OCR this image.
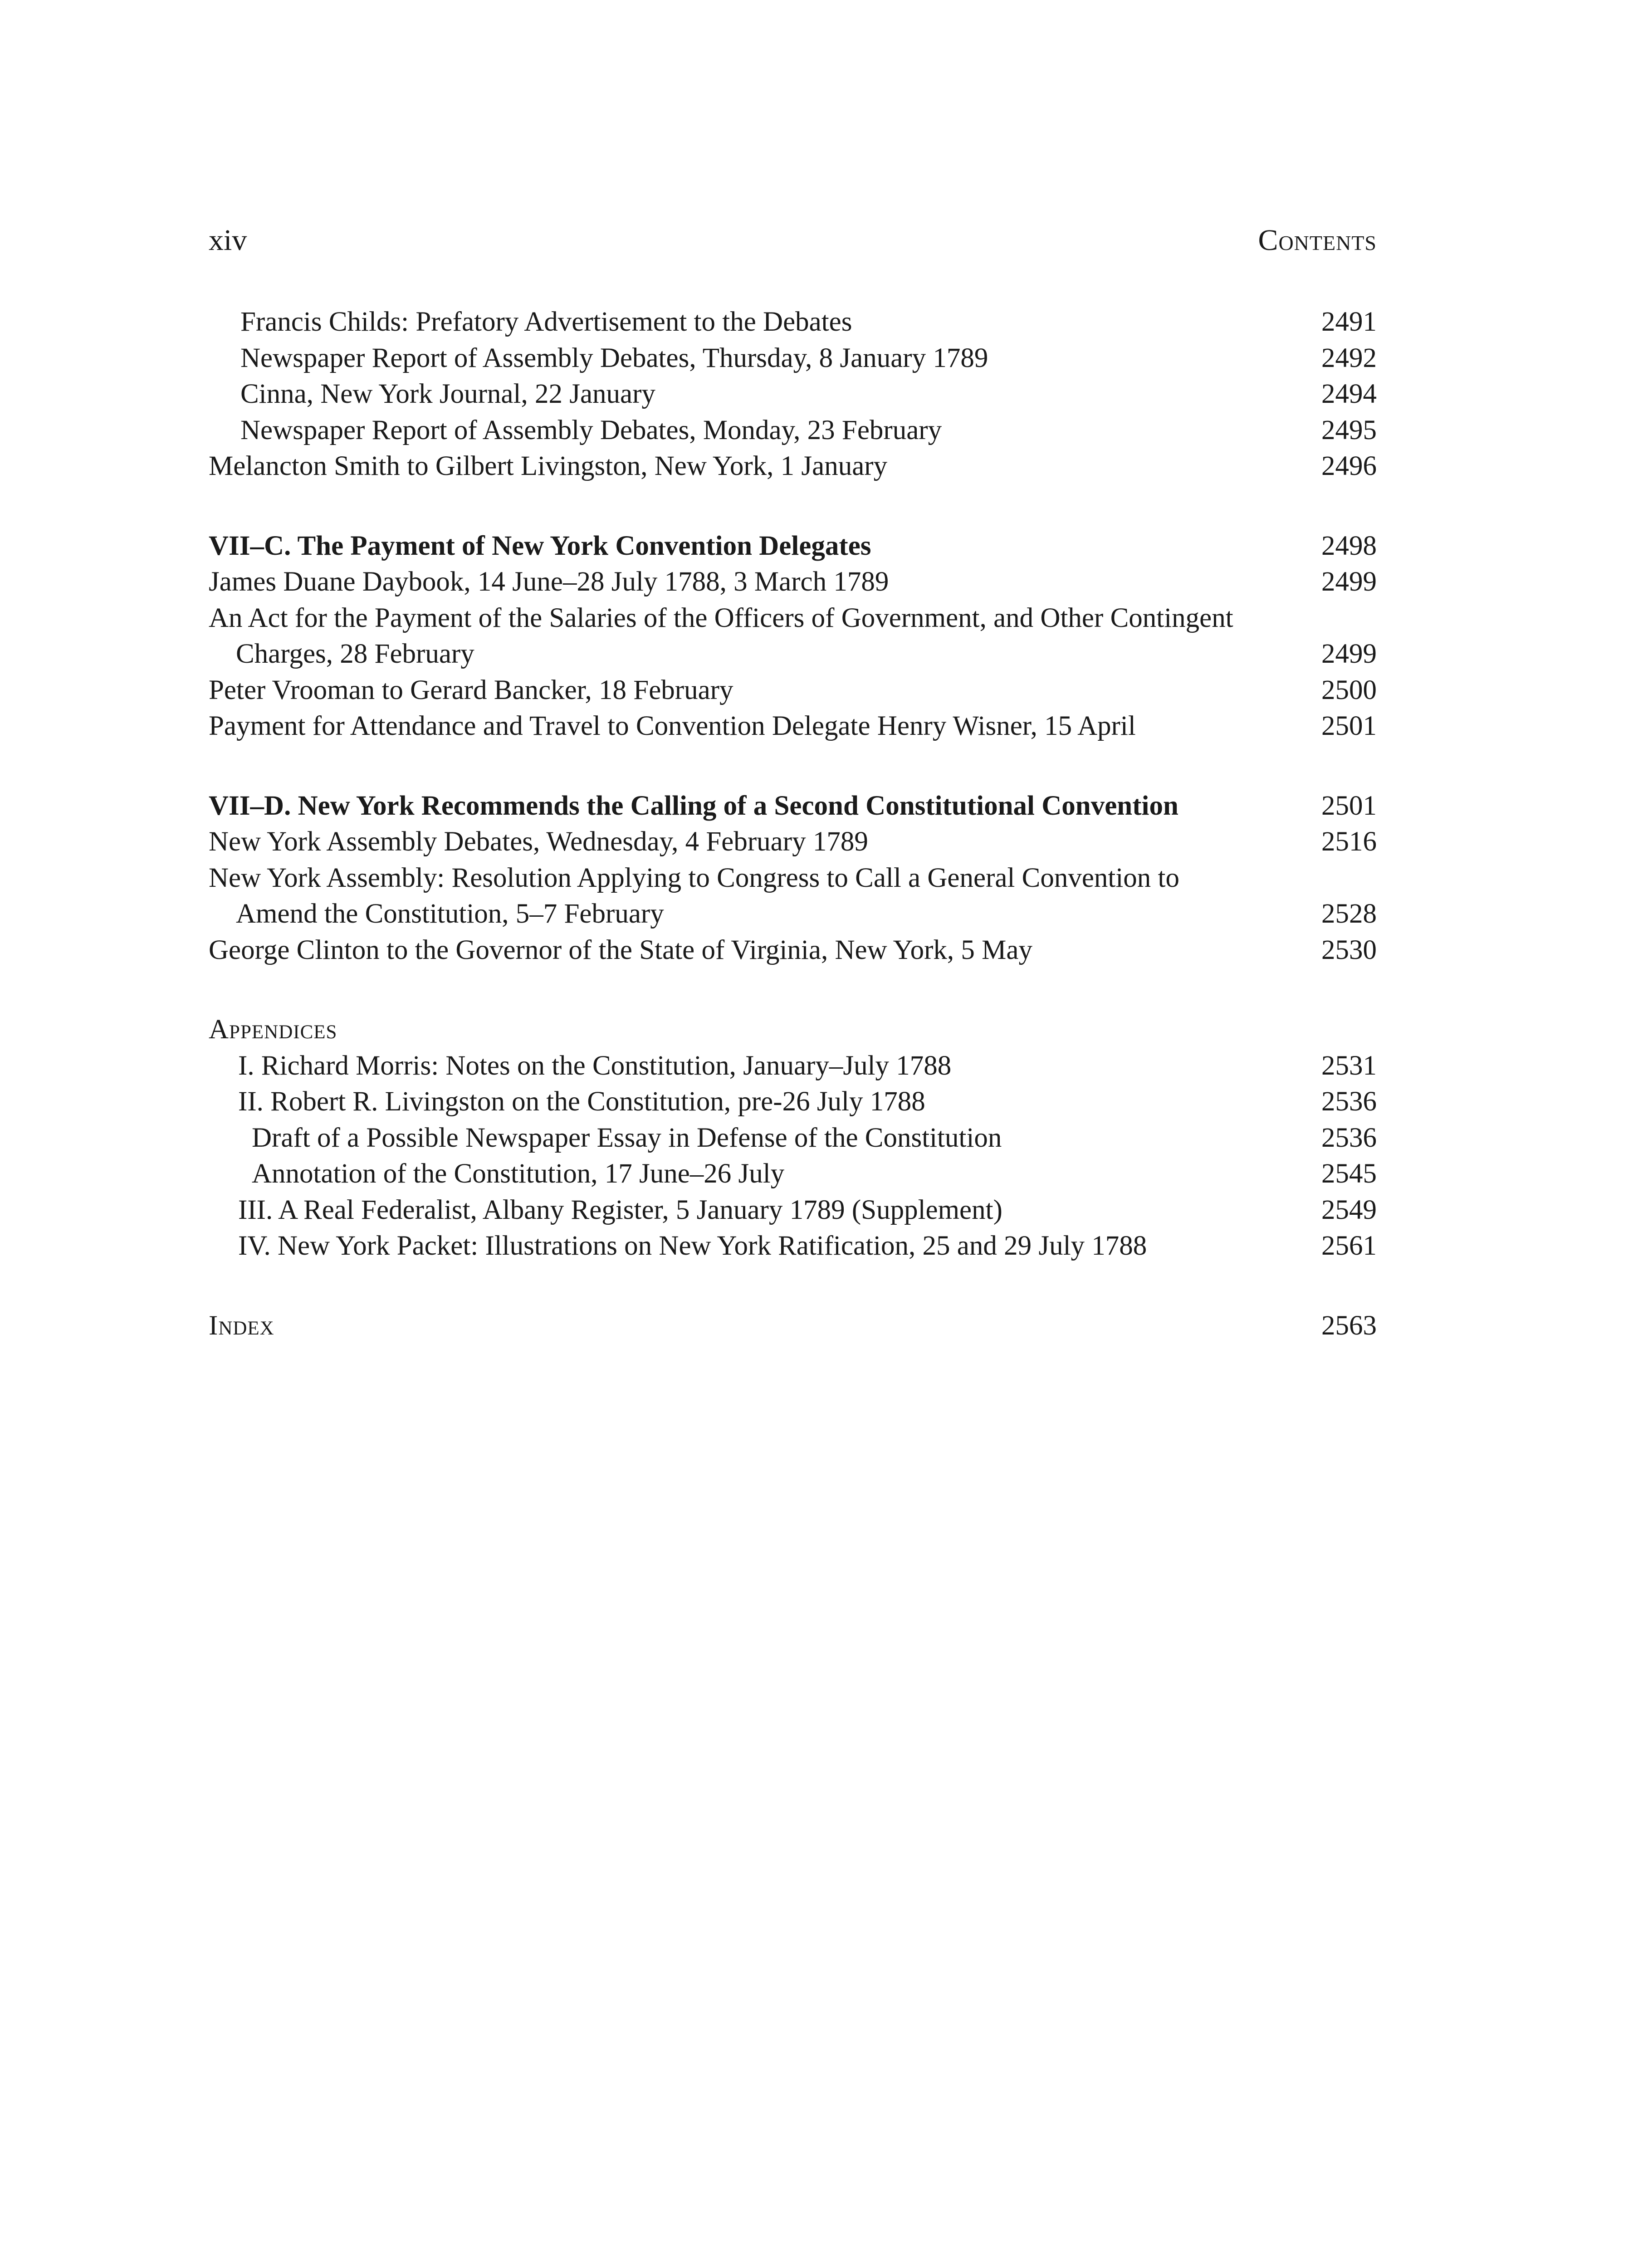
xiv	Contents
Francis Childs: Prefatory Advertisement to the Debates	2491
Newspaper Report of Assembly Debates, Thursday, 8 January 1789	2492
Cinna, New York Journal, 22 January	2494
Newspaper Report of Assembly Debates, Monday, 23 February	2495
Melancton Smith to Gilbert Livingston, New York, 1 January	2496
VII–C. The Payment of New York Convention Delegates	2498
James Duane Daybook, 14 June–28 July 1788, 3 March 1789	2499
An Act for the Payment of the Salaries of the Officers of Government, and Other Contingent Charges, 28 February	2499
Peter Vrooman to Gerard Bancker, 18 February	2500
Payment for Attendance and Travel to Convention Delegate Henry Wisner, 15 April	2501
VII–D. New York Recommends the Calling of a Second Constitutional Convention	2501
New York Assembly Debates, Wednesday, 4 February 1789	2516
New York Assembly: Resolution Applying to Congress to Call a General Convention to Amend the Constitution, 5–7 February	2528
George Clinton to the Governor of the State of Virginia, New York, 5 May	2530
Appendices
I. Richard Morris: Notes on the Constitution, January–July 1788	2531
II. Robert R. Livingston on the Constitution, pre-26 July 1788	2536
Draft of a Possible Newspaper Essay in Defense of the Constitution	2536
Annotation of the Constitution, 17 June–26 July	2545
III. A Real Federalist, Albany Register, 5 January 1789 (Supplement)	2549
IV. New York Packet: Illustrations on New York Ratification, 25 and 29 July 1788	2561
Index	2563
